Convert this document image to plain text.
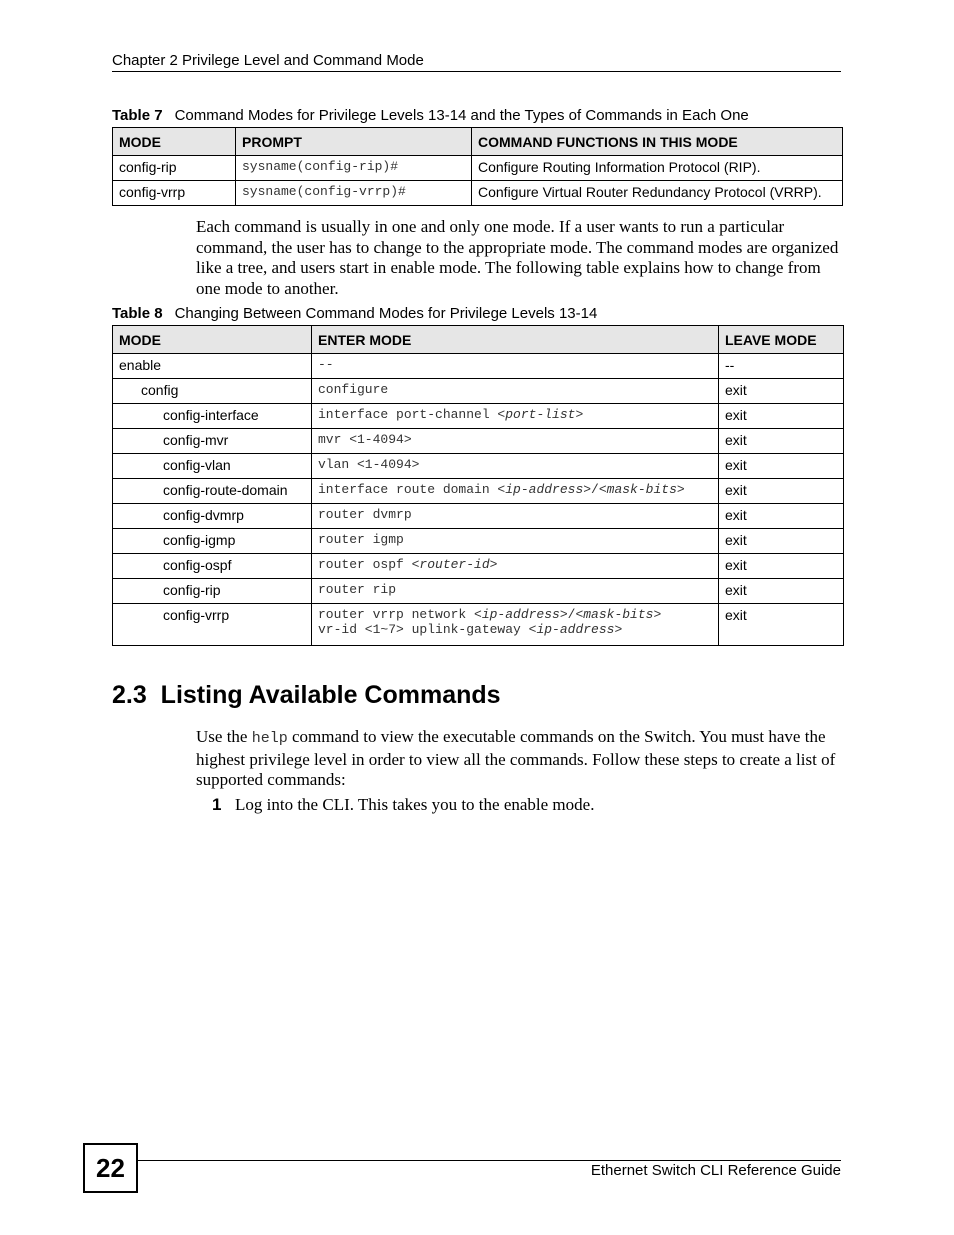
Chapter 2 Privilege Level and Command Mode
Table 7 Command Modes for Privilege Levels 13-14 and the Types of Commands in Each One
MODE	PROMPT	COMMAND FUNCTIONS IN THIS MODE
config-rip	sysname(config-rip)#	Configure Routing Information Protocol (RIP).
config-vrrp	sysname(config-vrrp)#	Configure Virtual Router Redundancy Protocol (VRRP).
Each command is usually in one and only one mode. If a user wants to run a particular command, the user has to change to the appropriate mode. The command modes are organized like a tree, and users start in enable mode. The following table explains how to change from one mode to another.
Table 8 Changing Between Command Modes for Privilege Levels 13-14
MODE	ENTER MODE	LEAVE MODE
enable	--	--
config	configure	exit
config-interface	interface port-channel <port-list>	exit
config-mvr	mvr <1-4094>	exit
config-vlan	vlan <1-4094>	exit
config-route-domain	interface route domain <ip-address>/<mask-bits>	exit
config-dvmrp	router dvmrp	exit
config-igmp	router igmp	exit
config-ospf	router ospf <router-id>	exit
config-rip	router rip	exit
config-vrrp	router vrrp network <ip-address>/<mask-bits>
vr-id <1~7> uplink-gateway <ip-address>	exit
2.3 Listing Available Commands
Use the help command to view the executable commands on the Switch. You must have the highest privilege level in order to view all the commands. Follow these steps to create a list of supported commands:
1 Log into the CLI. This takes you to the enable mode.
22	Ethernet Switch CLI Reference Guide
